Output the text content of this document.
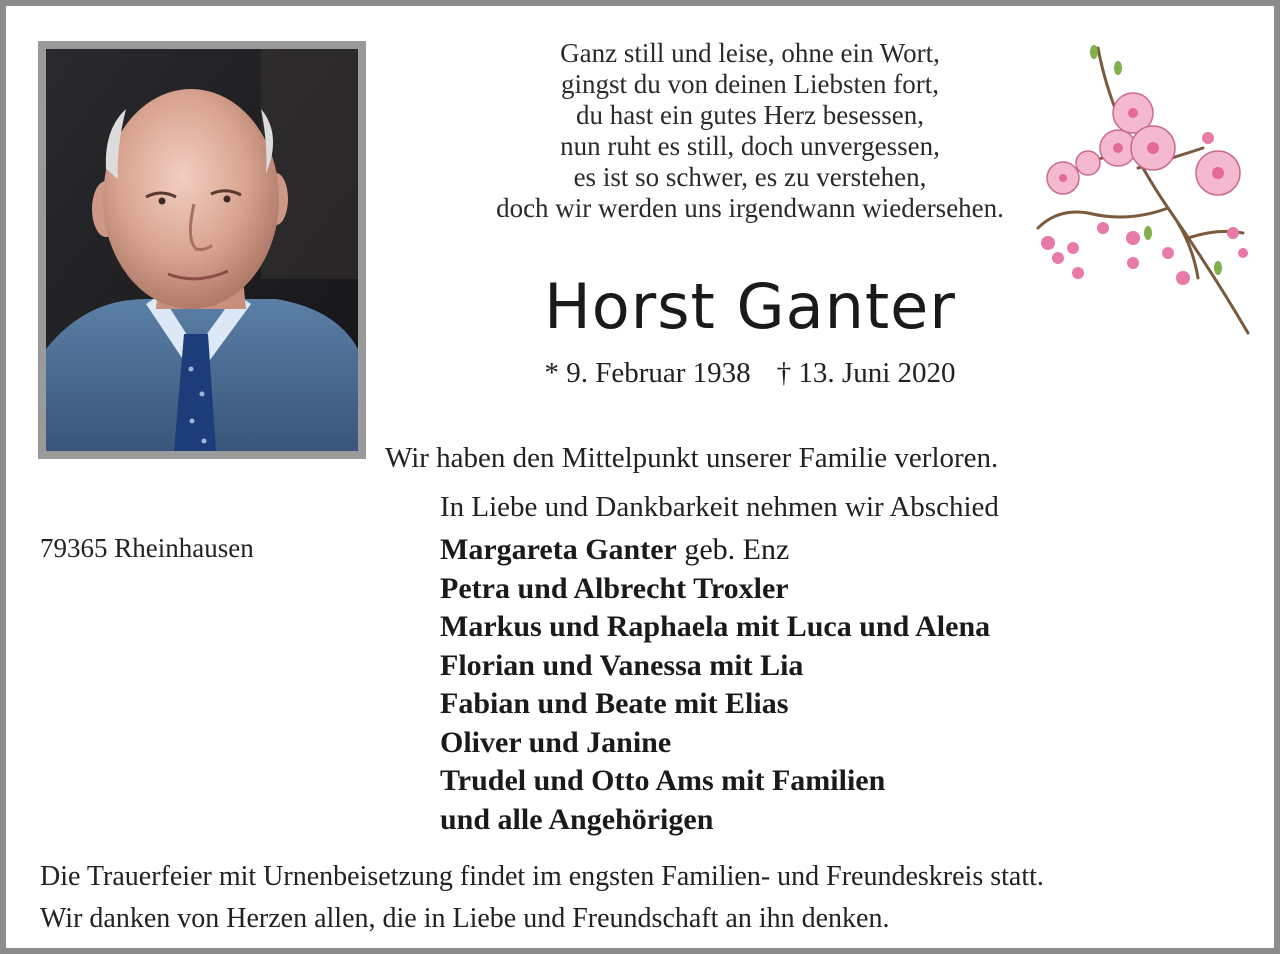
Ganz still und leise, ohne ein Wort,
gingst du von deinen Liebsten fort,
du hast ein gutes Herz besessen,
nun ruht es still, doch unvergessen,
es ist so schwer, es zu verstehen,
doch wir werden uns irgendwann wiedersehen.
Horst Ganter
* 9. Februar 1938 † 13. Juni 2020
Wir haben den Mittelpunkt unserer Familie verloren.
In Liebe und Dankbarkeit nehmen wir Abschied
79365 Rheinhausen	Margareta Ganter geb. Enz
Petra und Albrecht Troxler
Markus und Raphaela mit Luca und Alena
Florian und Vanessa mit Lia
Fabian und Beate mit Elias
Oliver und Janine
Trudel und Otto Ams mit Familien
und alle Angehörigen
Die Trauerfeier mit Urnenbeisetzung findet im engsten Familien- und Freundeskreis statt.
Wir danken von Herzen allen, die in Liebe und Freundschaft an ihn denken.
